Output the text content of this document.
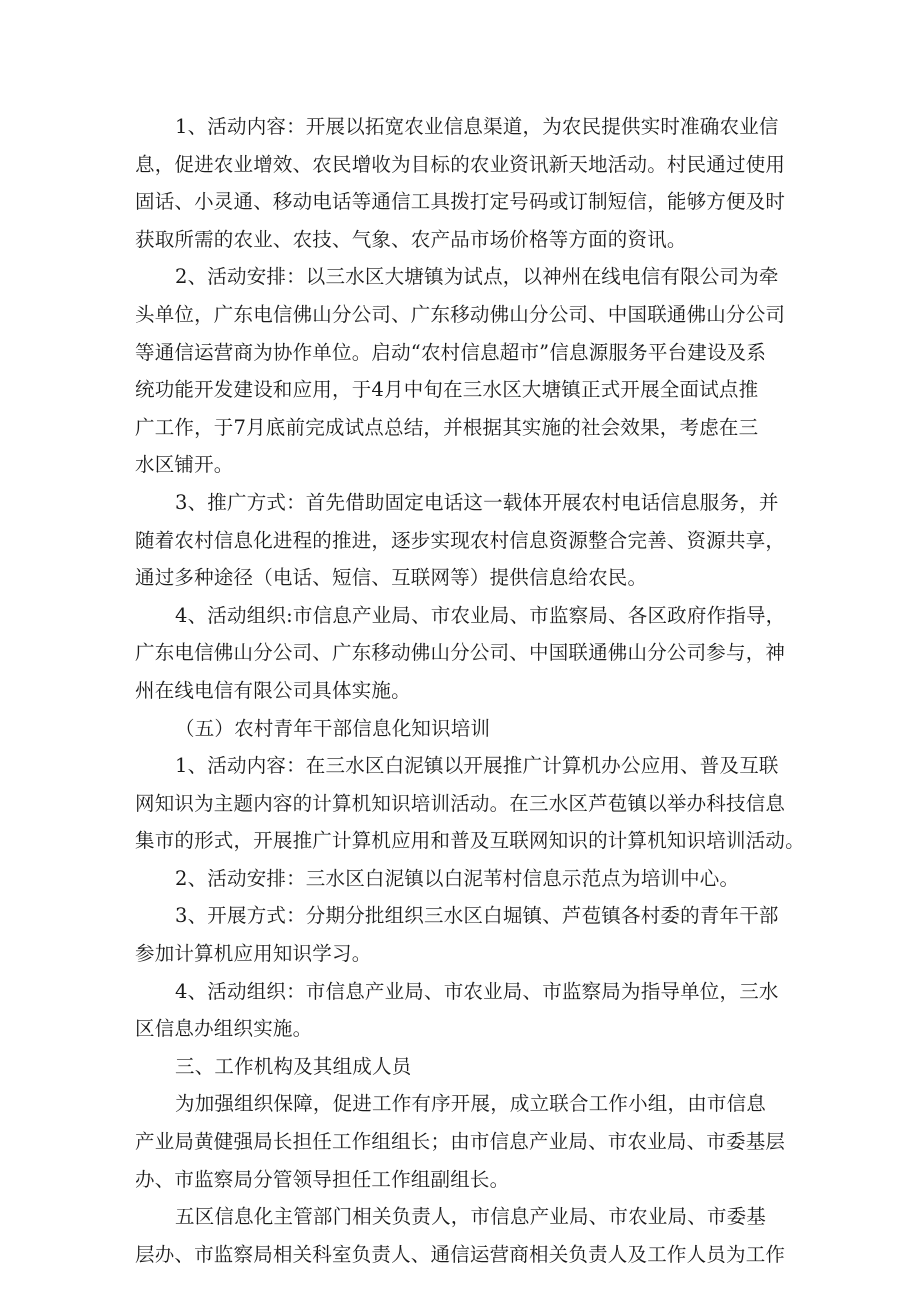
1、活动内容：开展以拓宽农业信息渠道，为农民提供实时准确农业信
息，促进农业增效、农民增收为目标的农业资讯新天地活动。村民通过使用
固话、小灵通、移动电话等通信工具拨打定号码或订制短信，能够方便及时
获取所需的农业、农技、气象、农产品市场价格等方面的资讯。
2、活动安排：以三水区大塘镇为试点，以神州在线电信有限公司为牵
头单位，广东电信佛山分公司、广东移动佛山分公司、中国联通佛山分公司
等通信运营商为协作单位。启动“农村信息超市”信息源服务平台建设及系
统功能开发建设和应用，于4月中旬在三水区大塘镇正式开展全面试点推
广工作，于7月底前完成试点总结，并根据其实施的社会效果，考虑在三
水区铺开。
3、推广方式：首先借助固定电话这一载体开展农村电话信息服务，并
随着农村信息化进程的推进，逐步实现农村信息资源整合完善、资源共享，
通过多种途径（电话、短信、互联网等）提供信息给农民。
4、活动组织:市信息产业局、市农业局、市监察局、各区政府作指导，
广东电信佛山分公司、广东移动佛山分公司、中国联通佛山分公司参与，神
州在线电信有限公司具体实施。
（五）农村青年干部信息化知识培训
1、活动内容：在三水区白泥镇以开展推广计算机办公应用、普及互联
网知识为主题内容的计算机知识培训活动。在三水区芦苞镇以举办科技信息
集市的形式，开展推广计算机应用和普及互联网知识的计算机知识培训活动。
2、活动安排：三水区白泥镇以白泥苇村信息示范点为培训中心。
3、开展方式：分期分批组织三水区白堀镇、芦苞镇各村委的青年干部
参加计算机应用知识学习。
4、活动组织：市信息产业局、市农业局、市监察局为指导单位，三水
区信息办组织实施。
三、工作机构及其组成人员
为加强组织保障，促进工作有序开展，成立联合工作小组，由市信息
产业局黄健强局长担任工作组组长；由市信息产业局、市农业局、市委基层
办、市监察局分管领导担任工作组副组长。
五区信息化主管部门相关负责人，市信息产业局、市农业局、市委基
层办、市监察局相关科室负责人、通信运营商相关负责人及工作人员为工作
